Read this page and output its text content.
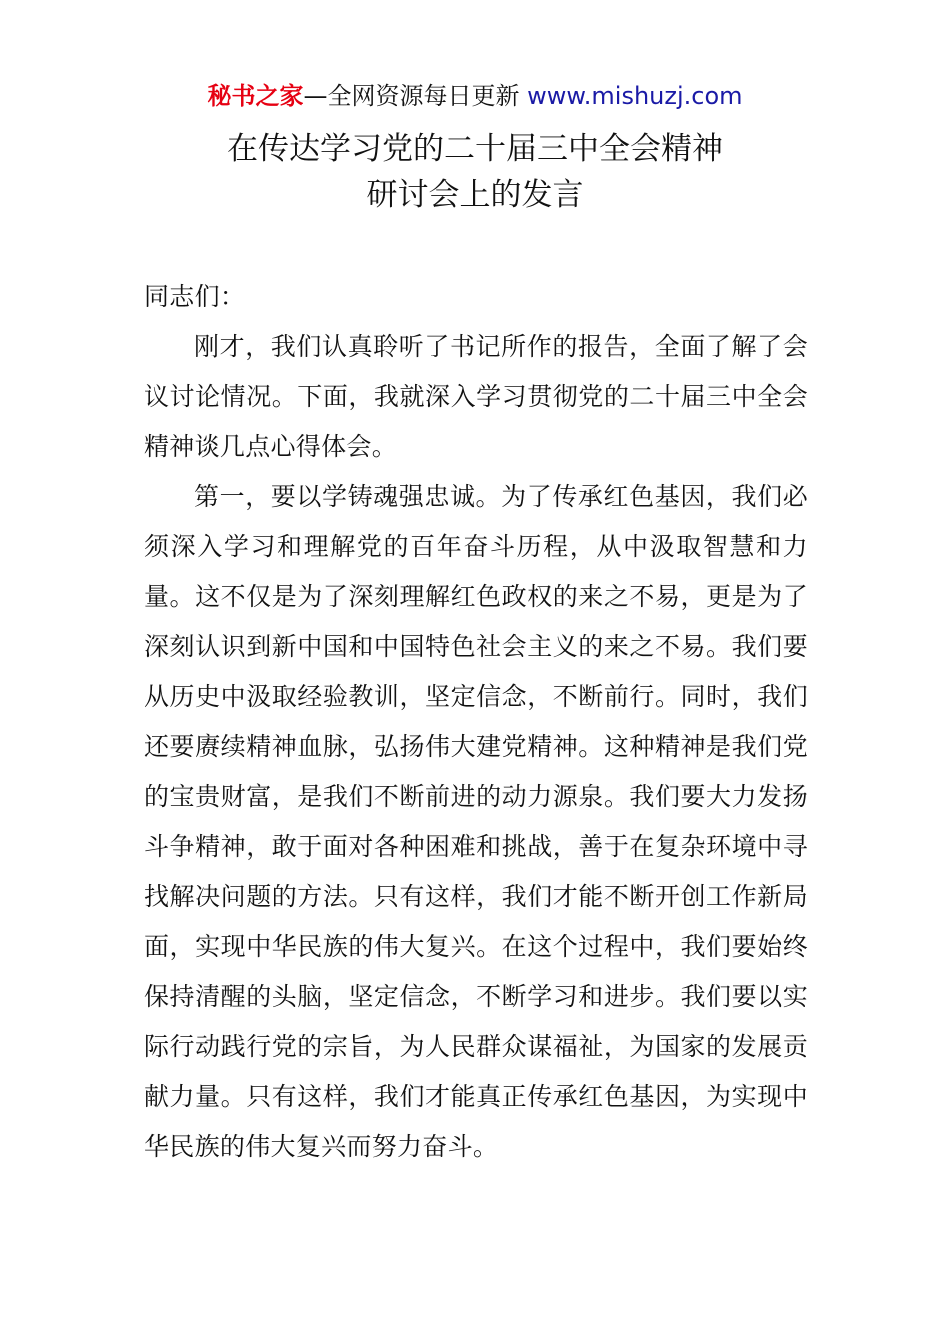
秘书之家—全网资源每日更新 www.mishuzj.com
在传达学习党的二十届三中全会精神
研讨会上的发言

同志们：

刚才，我们认真聆听了书记所作的报告，全面了解了会议讨论情况。下面，我就深入学习贯彻党的二十届三中全会精神谈几点心得体会。

第一，要以学铸魂强忠诚。为了传承红色基因，我们必须深入学习和理解党的百年奋斗历程，从中汲取智慧和力量。这不仅是为了深刻理解红色政权的来之不易，更是为了深刻认识到新中国和中国特色社会主义的来之不易。我们要从历史中汲取经验教训，坚定信念，不断前行。同时，我们还要赓续精神血脉，弘扬伟大建党精神。这种精神是我们党的宝贵财富，是我们不断前进的动力源泉。我们要大力发扬斗争精神，敢于面对各种困难和挑战，善于在复杂环境中寻找解决问题的方法。只有这样，我们才能不断开创工作新局面，实现中华民族的伟大复兴。在这个过程中，我们要始终保持清醒的头脑，坚定信念，不断学习和进步。我们要以实际行动践行党的宗旨，为人民群众谋福祉，为国家的发展贡献力量。只有这样，我们才能真正传承红色基因，为实现中华民族的伟大复兴而努力奋斗。
